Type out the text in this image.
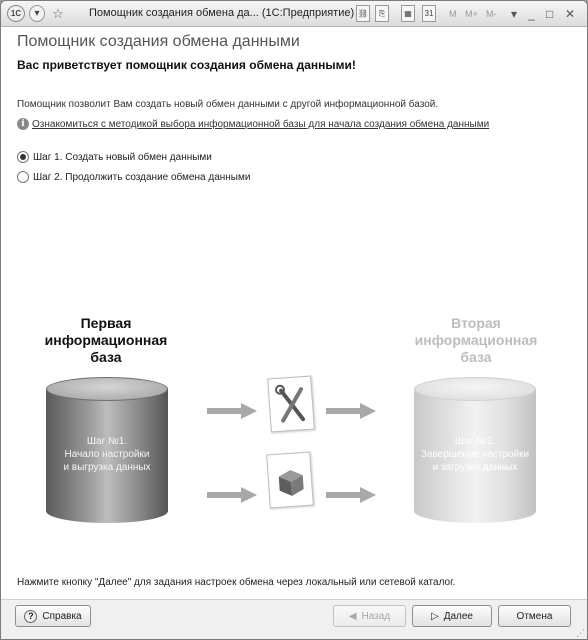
1С	▾ ☆ Помощник создания обмена да... (1С:Предприятие) ⛓	⎘	▦	31 M M+ M- ▾ _ □ ✕
Помощник создания обмена данными
Вас приветствует помощник создания обмена данными!
Помощник позволит Вам создать новый обмен данными с другой информационной базой.
i Ознакомиться с методикой выбора информационной базы для начала создания обмена данными
Шаг 1. Создать новый обмен данными
Шаг 2. Продолжить создание обмена данными
Первая
информационная
база
Вторая
информационная
база
Шаг №1.
Начало настройки
и выгрузка данных
Шаг №2.
Завершение настройки
и загрузка данных
Нажмите кнопку "Далее" для задания настроек обмена через локальный или сетевой каталог.
? Справка	◀ Назад	▷ Далее	Отмена
⋰
